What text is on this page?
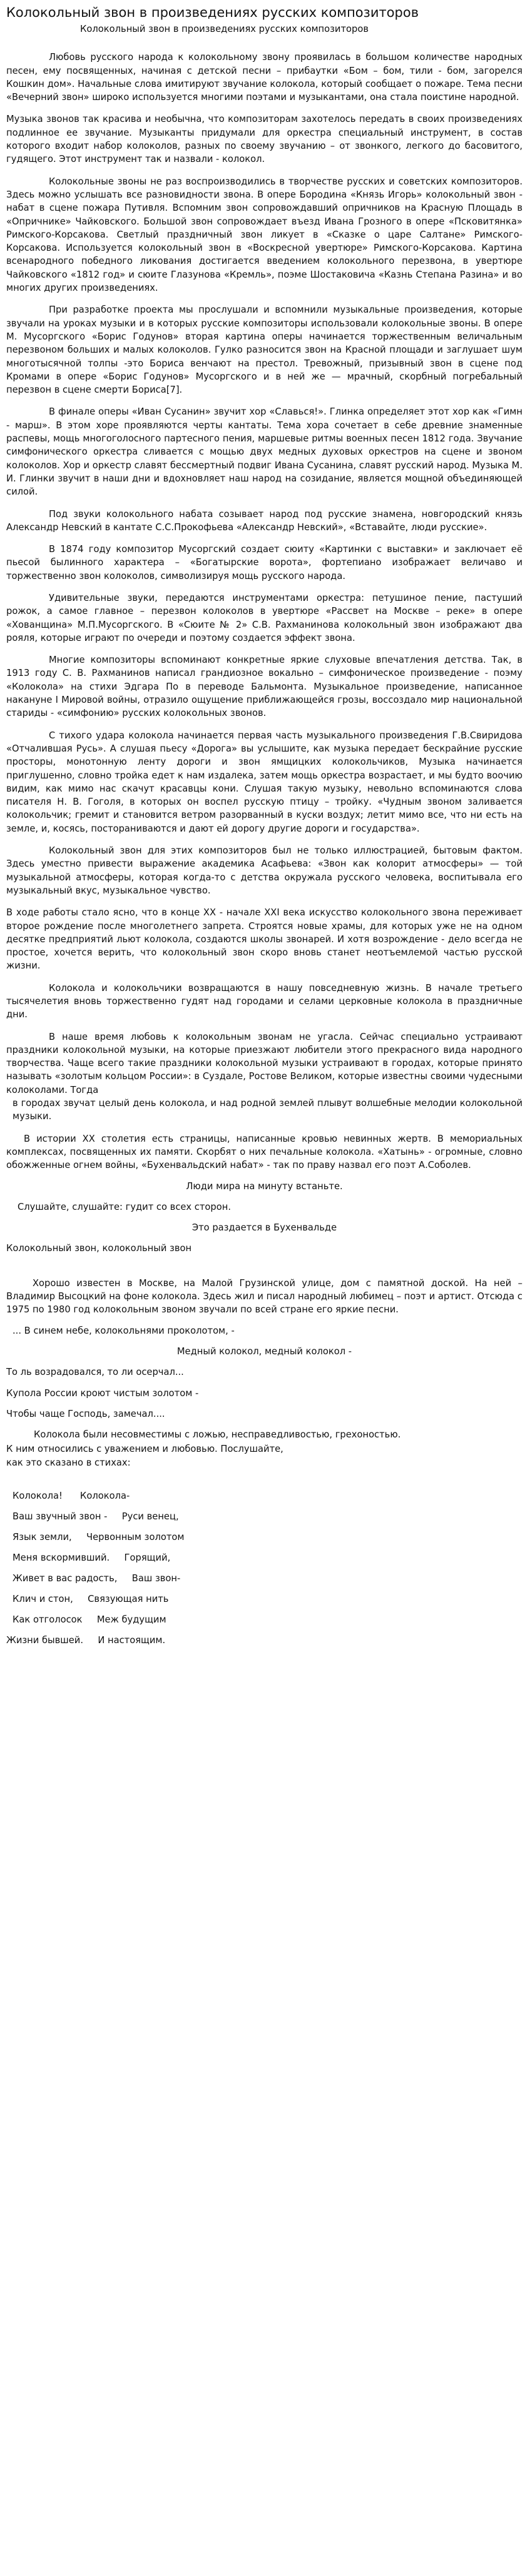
Колокольный звон в произведениях русских композиторов
Колокольный звон в произведениях русских композиторов

Любовь русского народа к колокольному звону проявилась в большом количестве народных песен, ему посвященных, начиная с детской песни – прибаутки «Бом – бом, тили - бом, загорелся Кошкин дом». Начальные слова имитируют звучание колокола, который сообщает о пожаре. Тема песни «Вечерний звон» широко используется многими поэтами и музыкантами, она стала поистине народной.

Музыка звонов так красива и необычна, что композиторам захотелось передать в своих произведениях подлинное ее звучание. Музыканты придумали для оркестра специальный инструмент, в состав которого входит набор колоколов, разных по своему звучанию – от звонкого, легкого до басовитого, гудящего. Этот инструмент так и назвали - колокол.

Колокольные звоны не раз воспроизводились в творчестве русских и советских композиторов. Здесь можно услышать все разновидности звона. В опере Бородина «Князь Игорь» колокольный звон - набат в сцене пожара Путивля. Вспомним звон сопровождавший опричников на Красную Площадь в «Опричнике» Чайковского. Большой звон сопровождает въезд Ивана Грозного в опере «Псковитянка» Римского-Корсакова. Светлый праздничный звон ликует в «Сказке о царе Салтане» Римского-Корсакова. Используется колокольный звон в «Воскресной увертюре» Римского-Корсакова. Картина всенародного победного ликования достигается введением колокольного перезвона, в увертюре Чайковского «1812 год» и сюите Глазунова «Кремль», поэме Шостаковича «Казнь Степана Разина» и во многих других произведениях.

При разработке проекта мы прослушали и вспомнили музыкальные произведения, которые звучали на уроках музыки и в которых русские композиторы использовали колокольные звоны. В опере М. Мусоргского «Борис Годунов» вторая картина оперы начинается торжественным величальным перезвоном больших и малых колоколов. Гулко разносится звон на Красной площади и заглушает шум многотысячной толпы -это Бориса венчают на престол. Тревожный, призывный звон в сцене под Кромами в опере «Борис Годунов» Мусоргского и в ней же — мрачный, скорбный погребальный перезвон в сцене смерти Бориса[7].

В финале оперы «Иван Сусанин» звучит хор «Славься!». Глинка определяет этот хор как «Гимн - марш». В этом хоре проявляются черты кантаты. Тема хора сочетает в себе древние знаменные распевы, мощь многоголосного партесного пения, маршевые ритмы военных песен 1812 года. Звучание симфонического оркестра сливается с мощью двух медных духовых оркестров на сцене и звоном колоколов. Хор и оркестр славят бессмертный подвиг Ивана Сусанина, славят русский народ. Музыка М. И. Глинки звучит в наши дни и вдохновляет наш народ на созидание, является мощной объединяющей силой.

Под звуки колокольного набата созывает народ под русские знамена, новгородский князь Александр Невский в кантате С.С.Прокофьева «Александр Невский», «Вставайте, люди русские».

В 1874 году композитор Мусоргский создает сюиту «Картинки с выставки» и заключает её пьесой былинного характера – «Богатырские ворота», фортепиано изображает величаво и торжественно звон колоколов, символизируя мощь русского народа.

Удивительные звуки, передаются инструментами оркестра: петушиное пение, пастуший рожок, а самое главное – перезвон колоколов в увертюре «Рассвет на Москве – реке» в опере «Хованщина» М.П.Мусоргского. В «Сюите № 2» С.В. Рахманинова колокольный звон изображают два рояля, которые играют по очереди и поэтому создается эффект звона.

Многие композиторы вспоминают конкретные яркие слуховые впечатления детства. Так, в 1913 году С. В. Рахманинов написал грандиозное вокально – симфоническое произведение - поэму «Колокола» на стихи Эдгара По в переводе Бальмонта. Музыкальное произведение, написанное накануне I Мировой войны, отразило ощущение приближающейся грозы, воссоздало мир национальной стариды - «симфонию» русских колокольных звонов.

С тихого удара колокола начинается первая часть музыкального произведения Г.В.Свиридова «Отчалившая Русь». А слушая пьесу «Дорога» вы услышите, как музыка передает бескрайние русские просторы, монотонную ленту дороги и звон ямщицких колокольчиков, Музыка начинается приглушенно, словно тройка едет к нам издалека, затем мощь оркестра возрастает, и мы будто воочию видим, как мимо нас скачут красавцы кони. Слушая такую музыку, невольно вспоминаются слова писателя Н. В. Гоголя, в которых он воспел русскую птицу – тройку. «Чудным звоном заливается колокольчик; гремит и становится ветром разорванный в куски воздух; летит мимо все, что ни есть на земле, и, косясь, постораниваются и дают ей дорогу другие дороги и государства».

Колокольный звон для этих композиторов был не только иллюстрацией, бытовым фактом. Здесь уместно привести выражение академика Асафьева: «Звон как колорит атмосферы» — той музыкальной атмосферы, которая когда-то с детства окружала русского человека, воспитывала его музыкальный вкус, музыкальное чувство.

В ходе работы стало ясно, что в конце XX - начале XXI века искусство колокольного звона переживает второе рождение после многолетнего запрета. Строятся новые храмы, для которых уже не на одном десятке предприятий льют колокола, создаются школы звонарей. И хотя возрождение - дело всегда не простое, хочется верить, что колокольный звон скоро вновь станет неотъемлемой частью русской жизни.

Колокола и колокольчики возвращаются в нашу повседневную жизнь. В начале третьего тысячелетия вновь торжественно гудят над городами и селами церковные колокола в праздничные дни.

В наше время любовь к колокольным звонам не угасла. Сейчас специально устраивают праздники колокольной музыки, на которые приезжают любители этого прекрасного вида народного творчества. Чаще всего такие праздники колокольной музыки устраивают в городах, которые принято называть «золотым кольцом России»: в Суздале, Ростове Великом, которые известны своими чудесными колоколами. Тогда

в городах звучат целый день колокола, и над родной землей плывут волшебные мелодии колокольной музыки.

В истории XX столетия есть страницы, написанные кровью невинных жертв. В мемориальных комплексах, посвященных их памяти. Скорбят о них печальные колокола. «Хатынь» - огромные, словно обожженные огнем войны, «Бухенвальдский набат» - так по праву назвал его поэт А.Соболев.

Люди мира на минуту встаньте.

Слушайте, слушайте: гудит со всех сторон.

Это раздается в Бухенвальде

Колокольный звон, колокольный звон

Хорошо известен в Москве, на Малой Грузинской улице, дом с памятной доской. На ней – Владимир Высоцкий на фоне колокола. Здесь жил и писал народный любимец – поэт и артист. Отсюда с 1975 по 1980 год колокольным звоном звучали по всей стране его яркие песни.

... В синем небе, колокольнями проколотом, -

Медный колокол, медный колокол -

То ль возрадовался, то ли осерчал...

Купола России кроют чистым золотом -

Чтобы чаще Господь, замечал....

Колокола были несовместимы с ложью, несправедливостью, грехоностью.

К ним относились с уважением и любовью. Послушайте,
как это сказано в стихах:

Колокола!      Колокола-

Ваш звучный звон -     Руси венец,

Язык земли,     Червонным золотом

Меня вскормивший.     Горящий,

Живет в вас радость,     Ваш звон-

Клич и стон,     Связующая нить

Как отголосок     Меж будущим

Жизни бывшей.     И настоящим.
